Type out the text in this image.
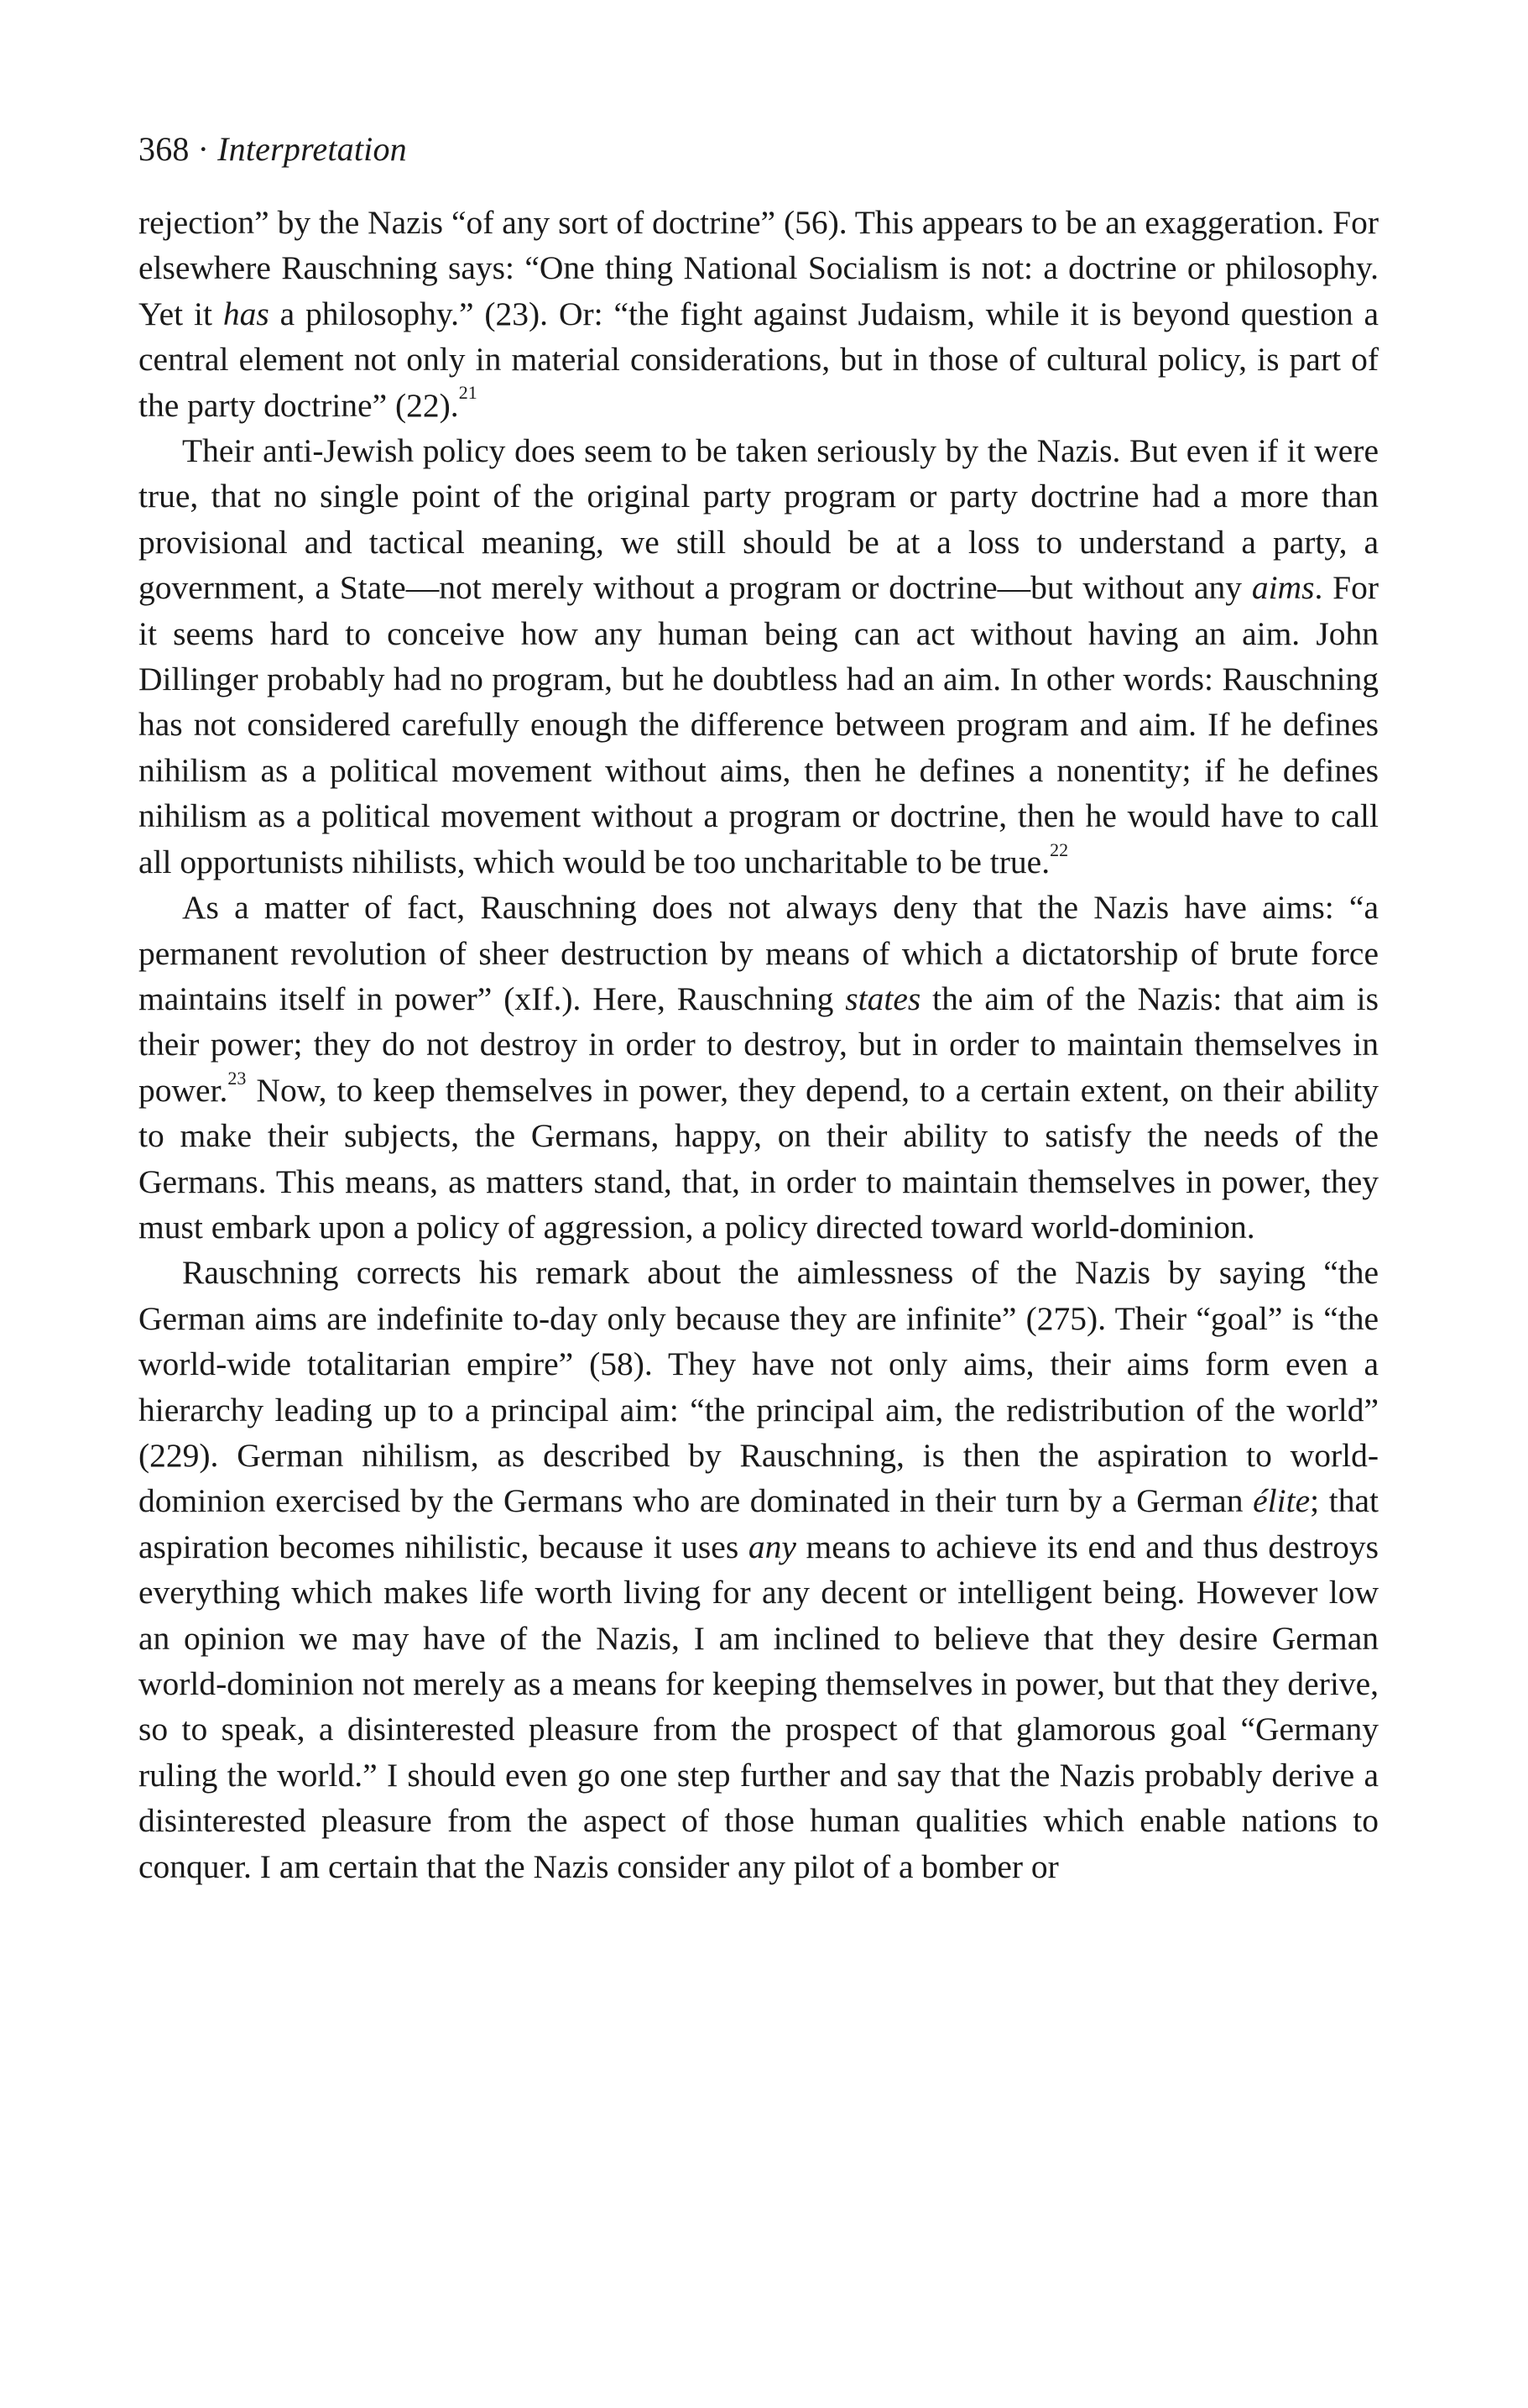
368 · Interpretation

rejection” by the Nazis “of any sort of doctrine” (56). This appears to be an exaggeration. For elsewhere Rauschning says: “One thing National Socialism is not: a doctrine or philosophy. Yet it has a philosophy.” (23). Or: “the fight against Judaism, while it is beyond question a central element not only in material considerations, but in those of cultural policy, is part of the party doctrine” (22).$^{21}$

Their anti-Jewish policy does seem to be taken seriously by the Nazis. But even if it were true, that no single point of the original party program or party doctrine had a more than provisional and tactical meaning, we still should be at a loss to understand a party, a government, a State—not merely without a program or doctrine—but without any aims. For it seems hard to conceive how any human being can act without having an aim. John Dillinger probably had no program, but he doubtless had an aim. In other words: Rauschning has not considered carefully enough the difference between program and aim. If he defines nihilism as a political movement without aims, then he defines a nonentity; if he defines nihilism as a political movement without a program or doctrine, then he would have to call all opportunists nihilists, which would be too uncharitable to be true.$^{22}$

As a matter of fact, Rauschning does not always deny that the Nazis have aims: “a permanent revolution of sheer destruction by means of which a dictatorship of brute force maintains itself in power” (xIf.). Here, Rauschning states the aim of the Nazis: that aim is their power; they do not destroy in order to destroy, but in order to maintain themselves in power.$^{23}$ Now, to keep themselves in power, they depend, to a certain extent, on their ability to make their subjects, the Germans, happy, on their ability to satisfy the needs of the Germans. This means, as matters stand, that, in order to maintain themselves in power, they must embark upon a policy of aggression, a policy directed toward world-dominion.

Rauschning corrects his remark about the aimlessness of the Nazis by saying “the German aims are indefinite to-day only because they are infinite” (275). Their “goal” is “the world-wide totalitarian empire” (58). They have not only aims, their aims form even a hierarchy leading up to a principal aim: “the principal aim, the redistribution of the world” (229). German nihilism, as described by Rauschning, is then the aspiration to world-dominion exercised by the Germans who are dominated in their turn by a German élite; that aspiration becomes nihilistic, because it uses any means to achieve its end and thus destroys everything which makes life worth living for any decent or intelligent being. However low an opinion we may have of the Nazis, I am inclined to believe that they desire German world-dominion not merely as a means for keeping themselves in power, but that they derive, so to speak, a disinterested pleasure from the prospect of that glamorous goal “Germany ruling the world.” I should even go one step further and say that the Nazis probably derive a disinterested pleasure from the aspect of those human qualities which enable nations to conquer. I am certain that the Nazis consider any pilot of a bomber or
